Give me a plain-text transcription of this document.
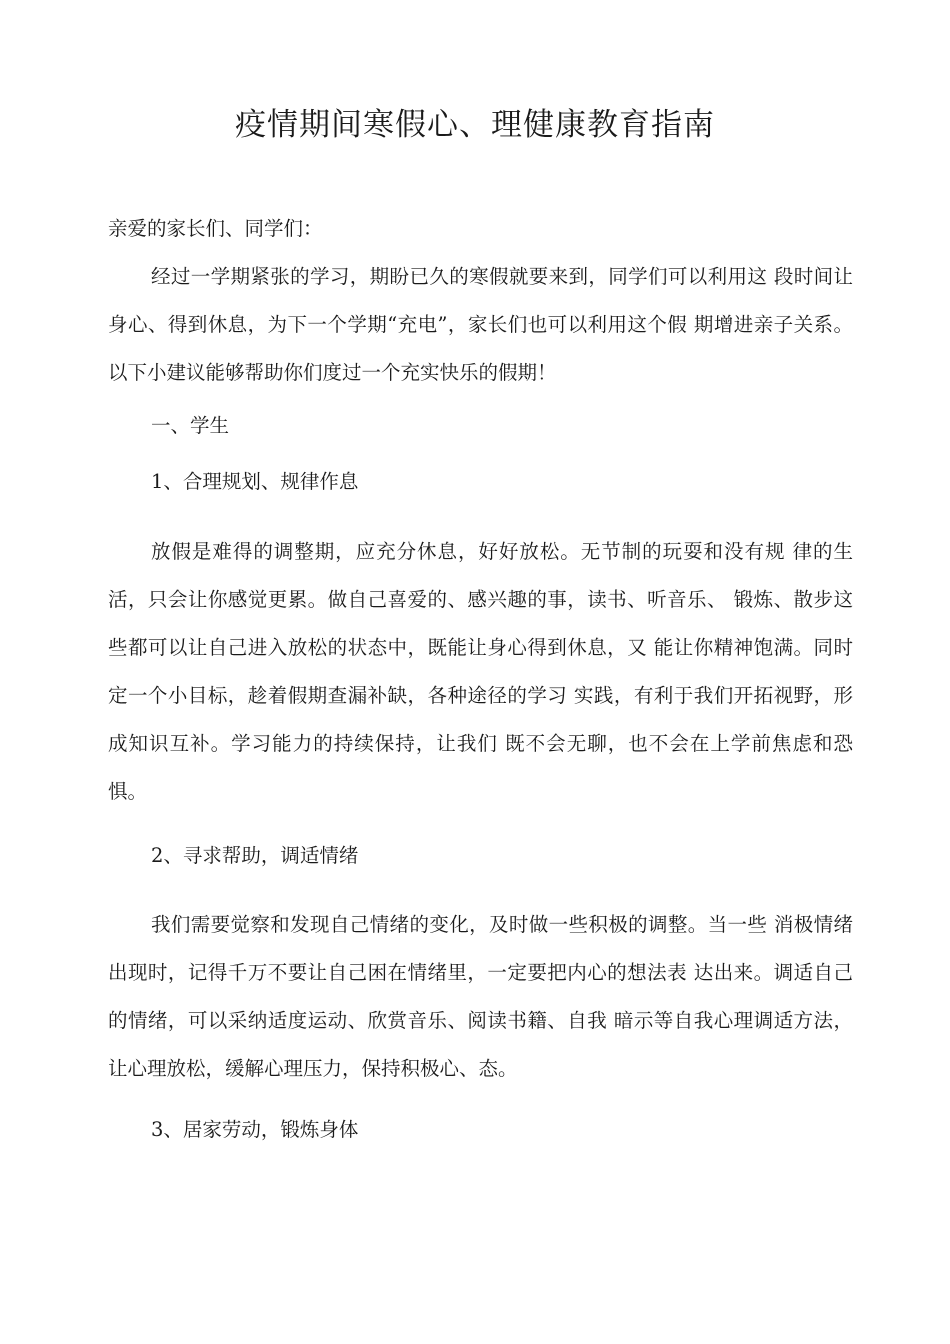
疫情期间寒假心、理健康教育指南

亲爱的家长们、同学们：

经过一学期紧张的学习，期盼已久的寒假就要来到，同学们可以利用这 段时间让身心、得到休息，为下一个学期“充电”，家长们也可以利用这个假 期增进亲子关系。以下小建议能够帮助你们度过一个充实快乐的假期！

一、学生

1、合理规划、规律作息

放假是难得的调整期，应充分休息，好好放松。无节制的玩耍和没有规 律的生活，只会让你感觉更累。做自己喜爱的、感兴趣的事，读书、听音乐、 锻炼、散步这些都可以让自己进入放松的状态中，既能让身心得到休息，又 能让你精神饱满。同时定一个小目标，趁着假期查漏补缺，各种途径的学习 实践，有利于我们开拓视野，形成知识互补。学习能力的持续保持，让我们 既不会无聊，也不会在上学前焦虑和恐惧。

2、寻求帮助，调适情绪

我们需要觉察和发现自己情绪的变化，及时做一些积极的调整。当一些 消极情绪出现时，记得千万不要让自己困在情绪里，一定要把内心的想法表 达出来。调适自己的情绪，可以采纳适度运动、欣赏音乐、阅读书籍、自我 暗示等自我心理调适方法，让心理放松，缓解心理压力，保持积极心、态。

3、居家劳动，锻炼身体
